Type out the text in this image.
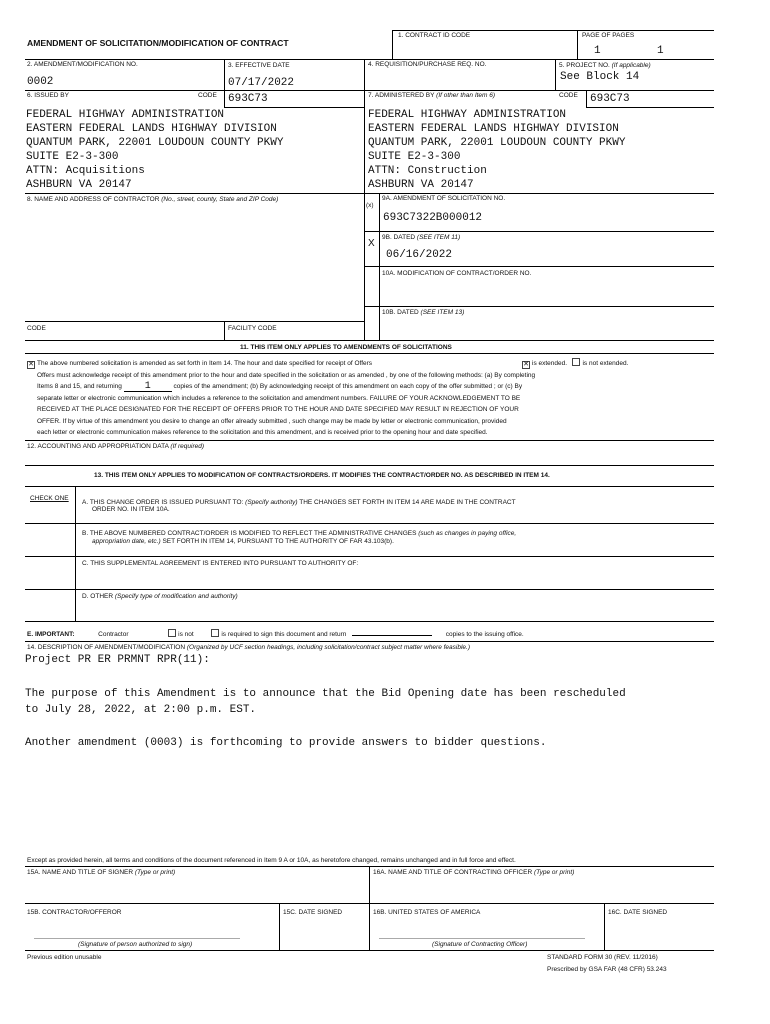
1. CONTRACT ID CODE	PAGE OF PAGES
1	1
AMENDMENT OF SOLICITATION/MODIFICATION OF CONTRACT
2. AMENDMENT/MODIFICATION NO.
0002
3. EFFECTIVE DATE
07/17/2022
4. REQUISITION/PURCHASE REQ. NO.	5. PROJECT NO. (If applicable)
See Block 14
6. ISSUED BY	CODE 693C73	7. ADMINISTERED BY (If other than Item 6)	CODE 693C73
FEDERAL HIGHWAY ADMINISTRATION
EASTERN FEDERAL LANDS HIGHWAY DIVISION
QUANTUM PARK, 22001 LOUDOUN COUNTY PKWY
SUITE E2-3-300
ATTN: Acquisitions
ASHBURN VA 20147
FEDERAL HIGHWAY ADMINISTRATION
EASTERN FEDERAL LANDS HIGHWAY DIVISION
QUANTUM PARK, 22001 LOUDOUN COUNTY PKWY
SUITE E2-3-300
ATTN: Construction
ASHBURN VA 20147
8. NAME AND ADDRESS OF CONTRACTOR (No., street, county, State and ZIP Code)
(x)
9A. AMENDMENT OF SOLICITATION NO.
693C7322B000012
X
9B. DATED (SEE ITEM 11)
06/16/2022
10A. MODIFICATION OF CONTRACT/ORDER NO.
10B. DATED (SEE ITEM 13)
CODE	FACILITY CODE
11. THIS ITEM ONLY APPLIES TO AMENDMENTS OF SOLICITATIONS
✕ The above numbered solicitation is amended as set forth in Item 14. The hour and date specified for receipt of Offers	✕ is extended. is not extended.
Offers must acknowledge receipt of this amendment prior to the hour and date specified in the solicitation or as amended , by one of the following methods: (a) By completing
Items 8 and 15, and returning 1	copies of the amendment; (b) By acknowledging receipt of this amendment on each copy of the offer submitted ; or (c) By
separate letter or electronic communication which includes a reference to the solicitation and amendment numbers. FAILURE OF YOUR ACKNOWLEDGEMENT TO BE
RECEIVED AT THE PLACE DESIGNATED FOR THE RECEIPT OF OFFERS PRIOR TO THE HOUR AND DATE SPECIFIED MAY RESULT IN REJECTION OF YOUR
OFFER. If by virtue of this amendment you desire to change an offer already submitted , such change may be made by letter or electronic communication, provided
each letter or electronic communication makes reference to the solicitation and this amendment, and is received prior to the opening hour and date specified.
12. ACCOUNTING AND APPROPRIATION DATA (If required)
13. THIS ITEM ONLY APPLIES TO MODIFICATION OF CONTRACTS/ORDERS. IT MODIFIES THE CONTRACT/ORDER NO. AS DESCRIBED IN ITEM 14.
CHECK ONE
A. THIS CHANGE ORDER IS ISSUED PURSUANT TO: (Specify authority) THE CHANGES SET FORTH IN ITEM 14 ARE MADE IN THE CONTRACT
ORDER NO. IN ITEM 10A.
B. THE ABOVE NUMBERED CONTRACT/ORDER IS MODIFIED TO REFLECT THE ADMINISTRATIVE CHANGES (such as changes in paying office,
appropriation date, etc.) SET FORTH IN ITEM 14, PURSUANT TO THE AUTHORITY OF FAR 43.103(b).
C. THIS SUPPLEMENTAL AGREEMENT IS ENTERED INTO PURSUANT TO AUTHORITY OF:
D. OTHER (Specify type of modification and authority)
E. IMPORTANT:	Contractor	is not	is required to sign this document and return	copies to the issuing office.
14. DESCRIPTION OF AMENDMENT/MODIFICATION (Organized by UCF section headings, including solicitation/contract subject matter where feasible.)
Project PR ER PRMNT RPR(11):
The purpose of this Amendment is to announce that the Bid Opening date has been rescheduled
to July 28, 2022, at 2:00 p.m. EST.
Another amendment (0003) is forthcoming to provide answers to bidder questions.
Except as provided herein, all terms and conditions of the document referenced in Item 9 A or 10A, as heretofore changed, remains unchanged and in full force and effect.
15A. NAME AND TITLE OF SIGNER (Type or print)	16A. NAME AND TITLE OF CONTRACTING OFFICER (Type or print)
15B. CONTRACTOR/OFFEROR	15C. DATE SIGNED	16B. UNITED STATES OF AMERICA	16C. DATE SIGNED
(Signature of person authorized to sign)	(Signature of Contracting Officer)
Previous edition unusable	STANDARD FORM 30 (REV. 11/2016)
Prescribed by GSA FAR (48 CFR) 53.243
